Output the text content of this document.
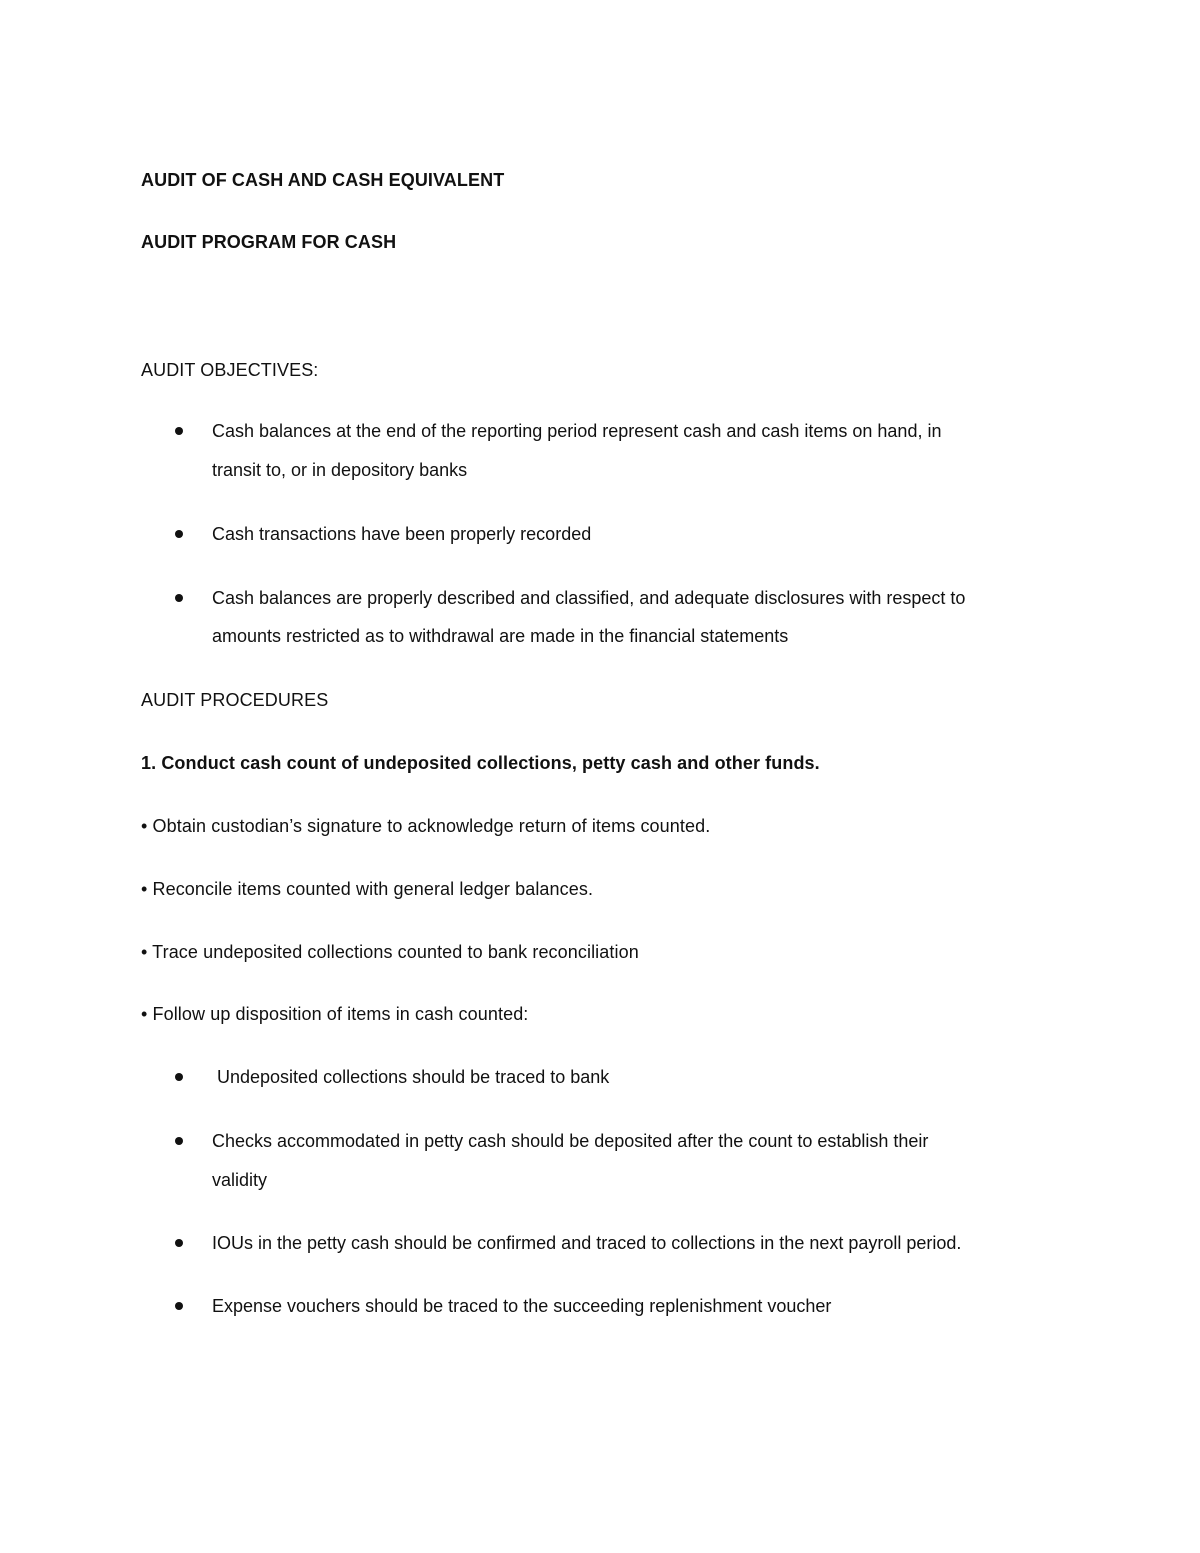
AUDIT OF CASH AND CASH EQUIVALENT
AUDIT PROGRAM FOR CASH
AUDIT OBJECTIVES:
Cash balances at the end of the reporting period represent cash and cash items on hand, in
transit to, or in depository banks
Cash transactions have been properly recorded
Cash balances are properly described and classified, and adequate disclosures with respect to
amounts restricted as to withdrawal are made in the financial statements
AUDIT PROCEDURES
1. Conduct cash count of undeposited collections, petty cash and other funds.
• Obtain custodian’s signature to acknowledge return of items counted.
• Reconcile items counted with general ledger balances.
• Trace undeposited collections counted to bank reconciliation
• Follow up disposition of items in cash counted:
Undeposited collections should be traced to bank
Checks accommodated in petty cash should be deposited after the count to establish their
validity
IOUs in the petty cash should be confirmed and traced to collections in the next payroll period.
Expense vouchers should be traced to the succeeding replenishment voucher
